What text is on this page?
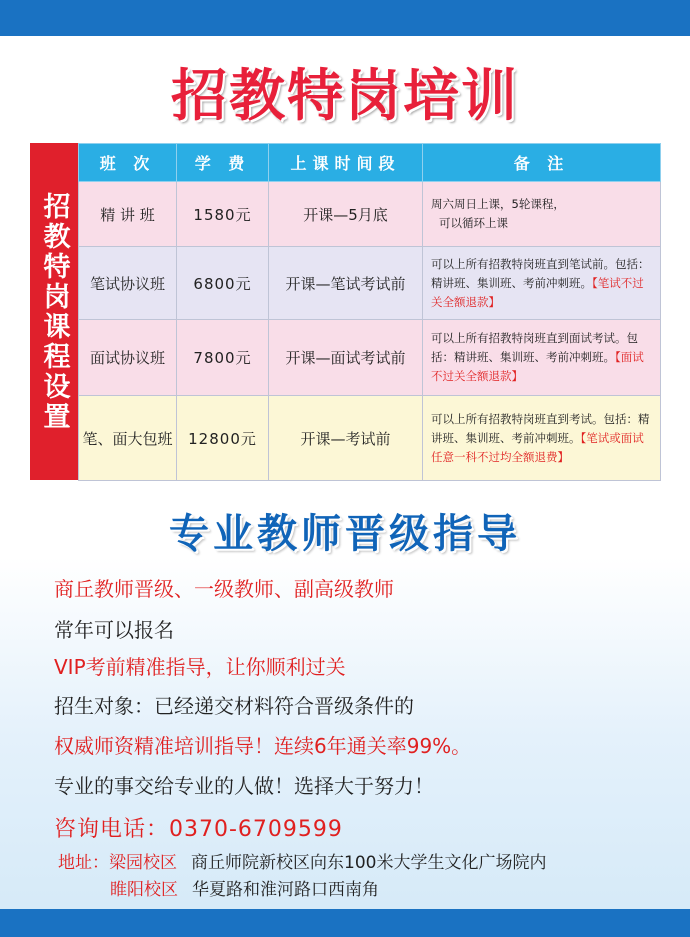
招教特岗培训
招教特岗课程设置
班 次	学 费	上课时间段	备 注
精 讲 班	1580元	开课—5月底	周六周日上课，5轮课程，
可以循环上课

笔试协议班	6800元	开课—笔试考试前	可以上所有招教特岗班直到笔试前。包括：精讲班、集训班、考前冲刺班。【笔试不过关全额退款】
面试协议班	7800元	开课—面试考试前	可以上所有招教特岗班直到面试考试。包括：精讲班、集训班、考前冲刺班。【面试不过关全额退款】
笔、面大包班	12800元	开课—考试前	可以上所有招教特岗班直到考试。包括：精讲班、集训班、考前冲刺班。【笔试或面试任意一科不过均全额退费】
专业教师晋级指导
商丘教师晋级、一级教师、副高级教师
常年可以报名
VIP考前精准指导，让你顺利过关
招生对象：已经递交材料符合晋级条件的
权威师资精准培训指导！连续6年通关率99%。
专业的事交给专业的人做！选择大于努力！
咨询电话：0370-6709599
地址：梁园校区 商丘师院新校区向东100米大学生文化广场院内
睢阳校区 华夏路和淮河路口西南角
